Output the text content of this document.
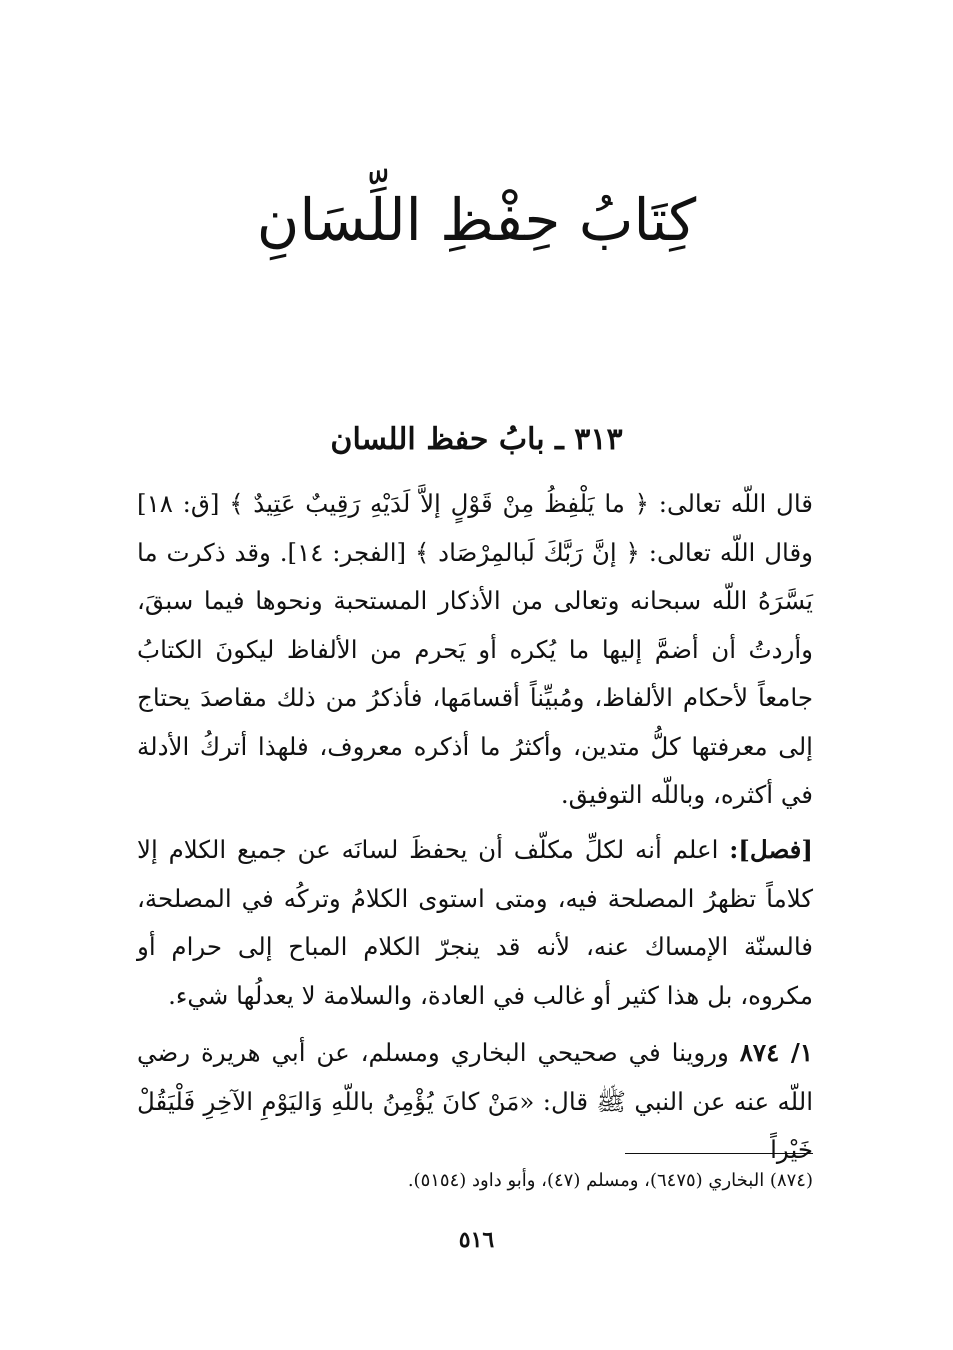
كِتَابُ حِفْظِ اللِّسَانِ
٣١٣ ـ بابُ حفظ اللسان

قال اللّه تعالى: ﴿ ما يَلْفِظُ مِنْ قَوْلٍ إلاَّ لَدَيْهِ رَقِيبٌ عَتِيدٌ ﴾ [ق: ١٨] وقال اللّه تعالى: ﴿ إنَّ رَبَّكَ لَبالمِرْصَاد ﴾ [الفجر: ١٤]. وقد ذكرت ما يَسَّرَهُ اللّه سبحانه وتعالى من الأذكار المستحبة ونحوها فيما سبقَ، وأردتُ أن أضمَّ إليها ما يُكره أو يَحرم من الألفاظ ليكونَ الكتابُ جامعاً لأحكام الألفاظ، ومُبيِّناً أقسامَها، فأذكرُ من ذلك مقاصدَ يحتاج إلى معرفتها كلُّ متدين، وأكثرُ ما أذكره معروف، فلهذا أتركُ الأدلة في أكثره، وباللّه التوفيق.

[فصل]: اعلم أنه لكلِّ مكلّف أن يحفظَ لسانَه عن جميع الكلام إلا كلاماً تظهرُ المصلحة فيه، ومتى استوى الكلامُ وتركُه في المصلحة، فالسنّة الإمساك عنه، لأنه قد ينجرّ الكلام المباح إلى حرام أو مكروه، بل هذا كثير أو غالب في العادة، والسلامة لا يعدلُها شيء.

١/ ٨٧٤ وروينا في صحيحي البخاري ومسلم، عن أبي هريرة رضي اللّه عنه عن النبي ﷺ قال: «مَنْ كانَ يُؤْمِنُ باللّهِ وَاليَوْمِ الآخِرِ فَلْيَقُلْ خَيْراً

(٨٧٤) البخاري (٦٤٧٥)، ومسلم (٤٧)، وأبو داود (٥١٥٤).

٥١٦
